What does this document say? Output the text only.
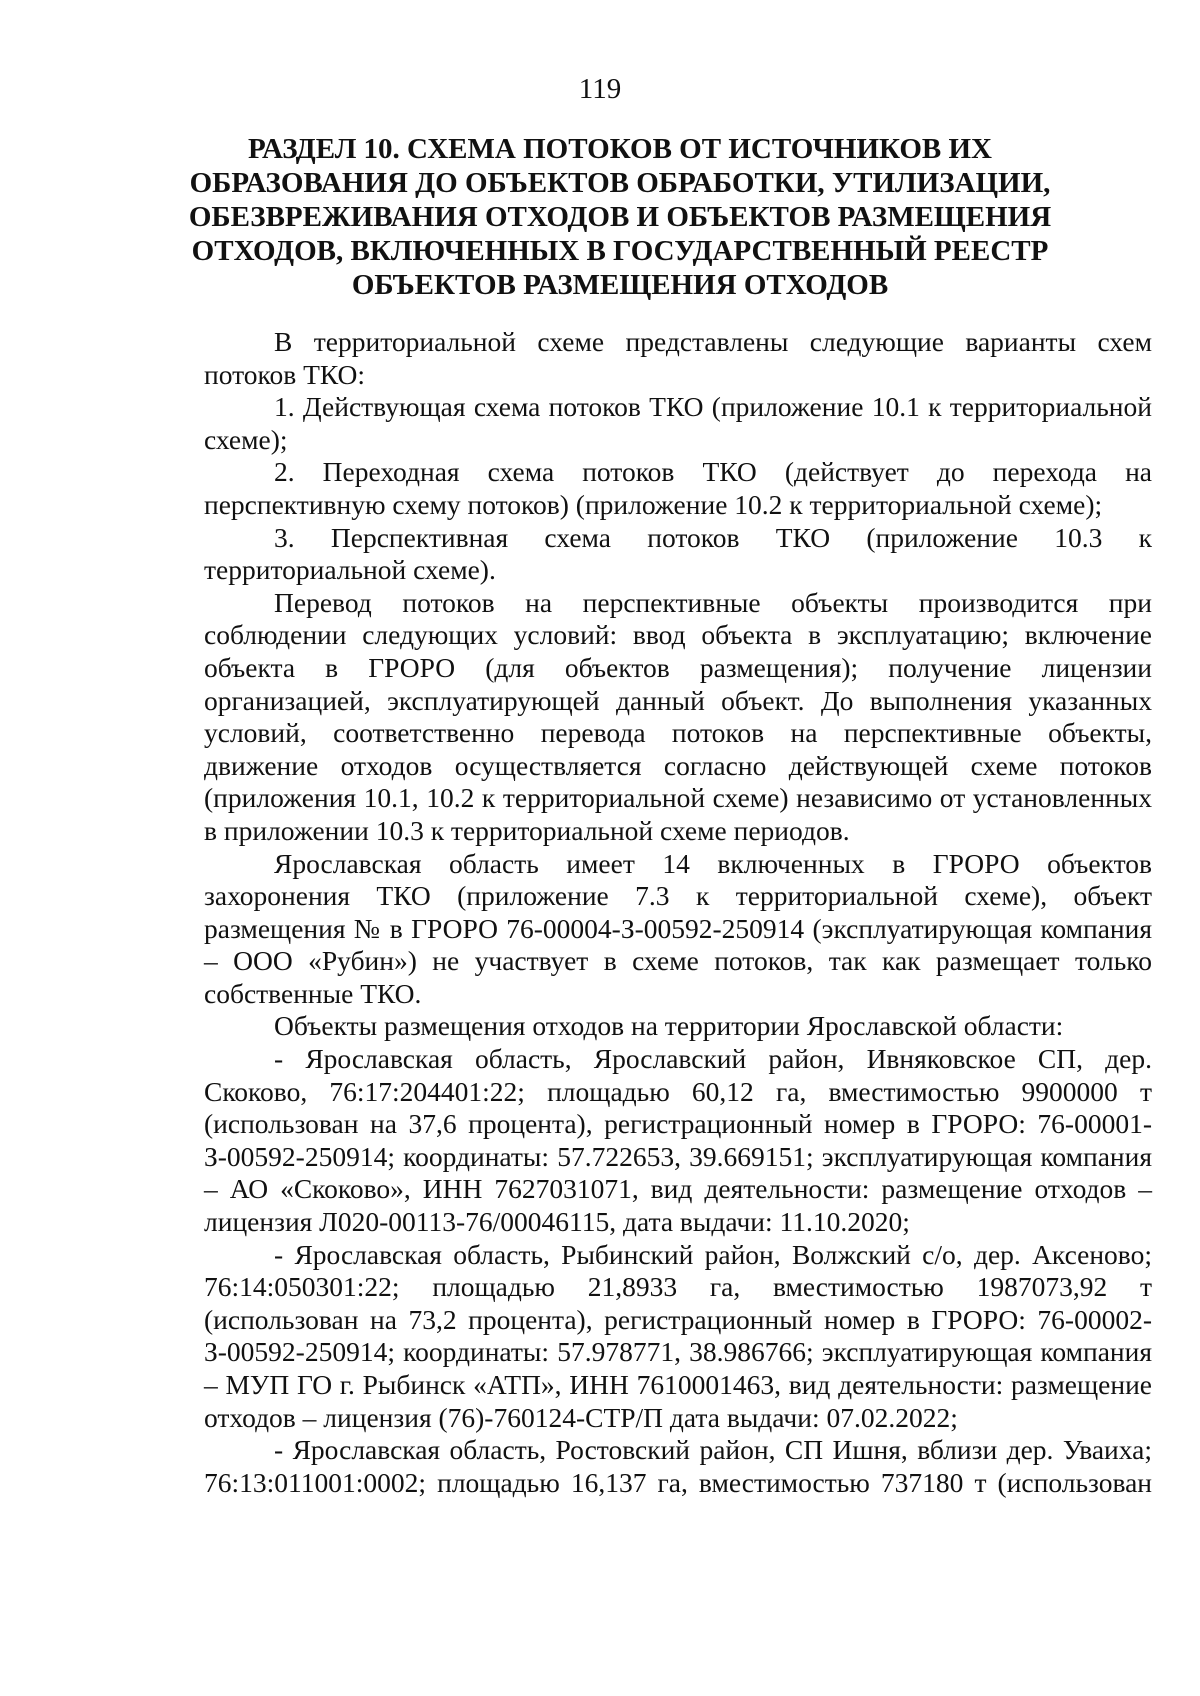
119
РАЗДЕЛ 10. СХЕМА ПОТОКОВ ОТ ИСТОЧНИКОВ ИХ
ОБРАЗОВАНИЯ ДО ОБЪЕКТОВ ОБРАБОТКИ, УТИЛИЗАЦИИ,
ОБЕЗВРЕЖИВАНИЯ ОТХОДОВ И ОБЪЕКТОВ РАЗМЕЩЕНИЯ
ОТХОДОВ, ВКЛЮЧЕННЫХ В ГОСУДАРСТВЕННЫЙ РЕЕСТР
ОБЪЕКТОВ РАЗМЕЩЕНИЯ ОТХОДОВ

В территориальной схеме представлены следующие варианты схем потоков ТКО:

1. Действующая схема потоков ТКО (приложение 10.1 к территориальной схеме);

2. Переходная схема потоков ТКО (действует до перехода на перспективную схему потоков) (приложение 10.2 к территориальной схеме);

3. Перспективная схема потоков ТКО (приложение 10.3 к территориальной схеме).

Перевод потоков на перспективные объекты производится при соблюдении следующих условий: ввод объекта в эксплуатацию; включение объекта в ГРОРО (для объектов размещения); получение лицензии организацией, эксплуатирующей данный объект. До выполнения указанных условий, соответственно перевода потоков на перспективные объекты, движение отходов осуществляется согласно действующей схеме потоков (приложения 10.1, 10.2 к территориальной схеме) независимо от установленных в приложении 10.3 к территориальной схеме периодов.

Ярославская область имеет 14 включенных в ГРОРО объектов захоронения ТКО (приложение 7.3 к территориальной схеме), объект размещения № в ГРОРО 76-00004-З-00592-250914 (эксплуатирующая компания – ООО «Рубин») не участвует в схеме потоков, так как размещает только собственные ТКО.

Объекты размещения отходов на территории Ярославской области:

- Ярославская область, Ярославский район, Ивняковское СП, дер. Скоково, 76:17:204401:22; площадью 60,12 га, вместимостью 9900000 т (использован на 37,6 процента), регистрационный номер в ГРОРО: 76-00001-З-00592-250914; координаты: 57.722653, 39.669151; эксплуатирующая компания – АО «Скоково», ИНН 7627031071, вид деятельности: размещение отходов – лицензия Л020-00113-76/00046115, дата выдачи: 11.10.2020;

- Ярославская область, Рыбинский район, Волжский с/о, дер. Аксеново; 76:14:050301:22; площадью 21,8933 га, вместимостью 1987073,92 т (использован на 73,2 процента), регистрационный номер в ГРОРО: 76-00002-З-00592-250914; координаты: 57.978771, 38.986766; эксплуатирующая компания – МУП ГО г. Рыбинск «АТП», ИНН 7610001463, вид деятельности: размещение отходов – лицензия (76)-760124-СТР/П дата выдачи: 07.02.2022;

- Ярославская область, Ростовский район, СП Ишня, вблизи дер. Уваиха; 76:13:011001:0002; площадью 16,137 га, вместимостью 737180 т (использован
